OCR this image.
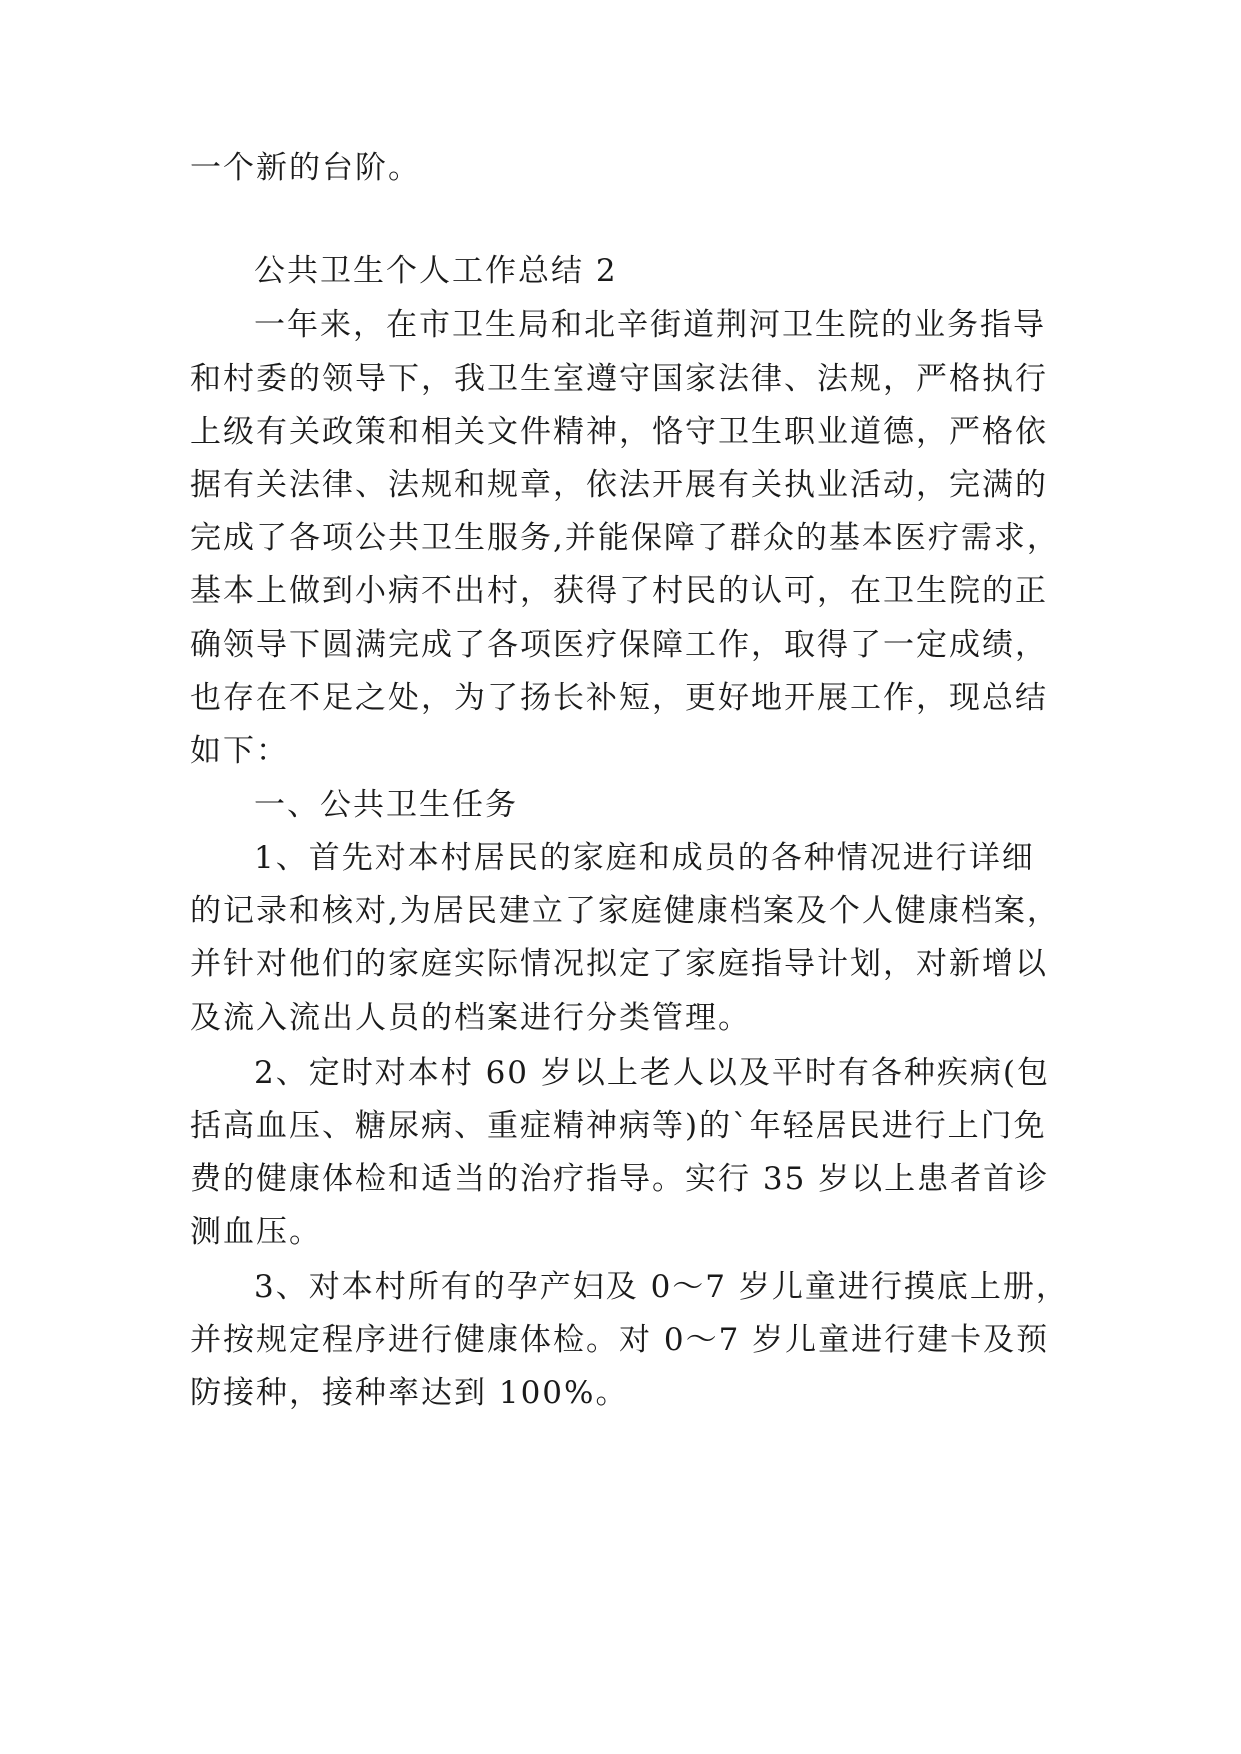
一个新的台阶。
公共卫生个人工作总结 2
一年来，在市卫生局和北辛街道荆河卫生院的业务指导
和村委的领导下，我卫生室遵守国家法律、法规，严格执行
上级有关政策和相关文件精神，恪守卫生职业道德，严格依
据有关法律、法规和规章，依法开展有关执业活动，完满的
完成了各项公共卫生服务,并能保障了群众的基本医疗需求，
基本上做到小病不出村，获得了村民的认可，在卫生院的正
确领导下圆满完成了各项医疗保障工作，取得了一定成绩，
也存在不足之处，为了扬长补短，更好地开展工作，现总结
如下：
一、公共卫生任务
1、首先对本村居民的家庭和成员的各种情况进行详细
的记录和核对,为居民建立了家庭健康档案及个人健康档案，
并针对他们的家庭实际情况拟定了家庭指导计划，对新增以
及流入流出人员的档案进行分类管理。
2、定时对本村 60 岁以上老人以及平时有各种疾病(包
括高血压、糖尿病、重症精神病等)的`年轻居民进行上门免
费的健康体检和适当的治疗指导。实行 35 岁以上患者首诊
测血压。
3、对本村所有的孕产妇及 0～7 岁儿童进行摸底上册，
并按规定程序进行健康体检。对 0～7 岁儿童进行建卡及预
防接种，接种率达到 100%。
